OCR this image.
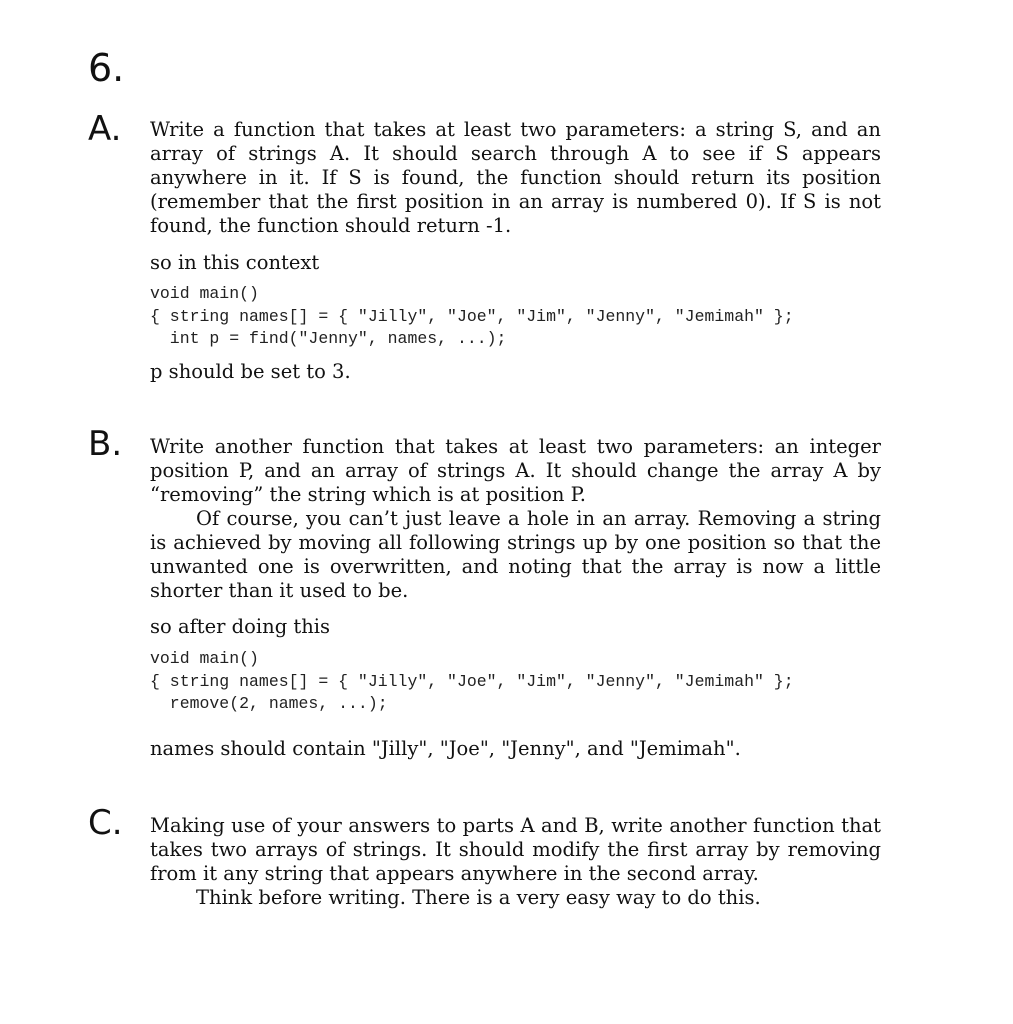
6.
A. Write a function that takes at least two parameters: a string S, and an
array of strings A. It should search through A to see if S appears
anywhere in it. If S is found, the function should return its position
(remember that the first position in an array is numbered 0). If S is not
found, the function should return -1.
so in this context
void main()
{ string names[] = { "Jilly", "Joe", "Jim", "Jenny", "Jemimah" };
int p = find("Jenny", names, ...);
p should be set to 3.
B. Write another function that takes at least two parameters: an integer
position P, and an array of strings A. It should change the array A by
“removing” the string which is at position P.
Of course, you can’t just leave a hole in an array. Removing a string
is achieved by moving all following strings up by one position so that the
unwanted one is overwritten, and noting that the array is now a little
shorter than it used to be.
so after doing this
void main()
{ string names[] = { "Jilly", "Joe", "Jim", "Jenny", "Jemimah" };
remove(2, names, ...);
names should contain "Jilly", "Joe", "Jenny", and "Jemimah".
C. Making use of your answers to parts A and B, write another function that
takes two arrays of strings. It should modify the first array by removing
from it any string that appears anywhere in the second array.
Think before writing. There is a very easy way to do this.
